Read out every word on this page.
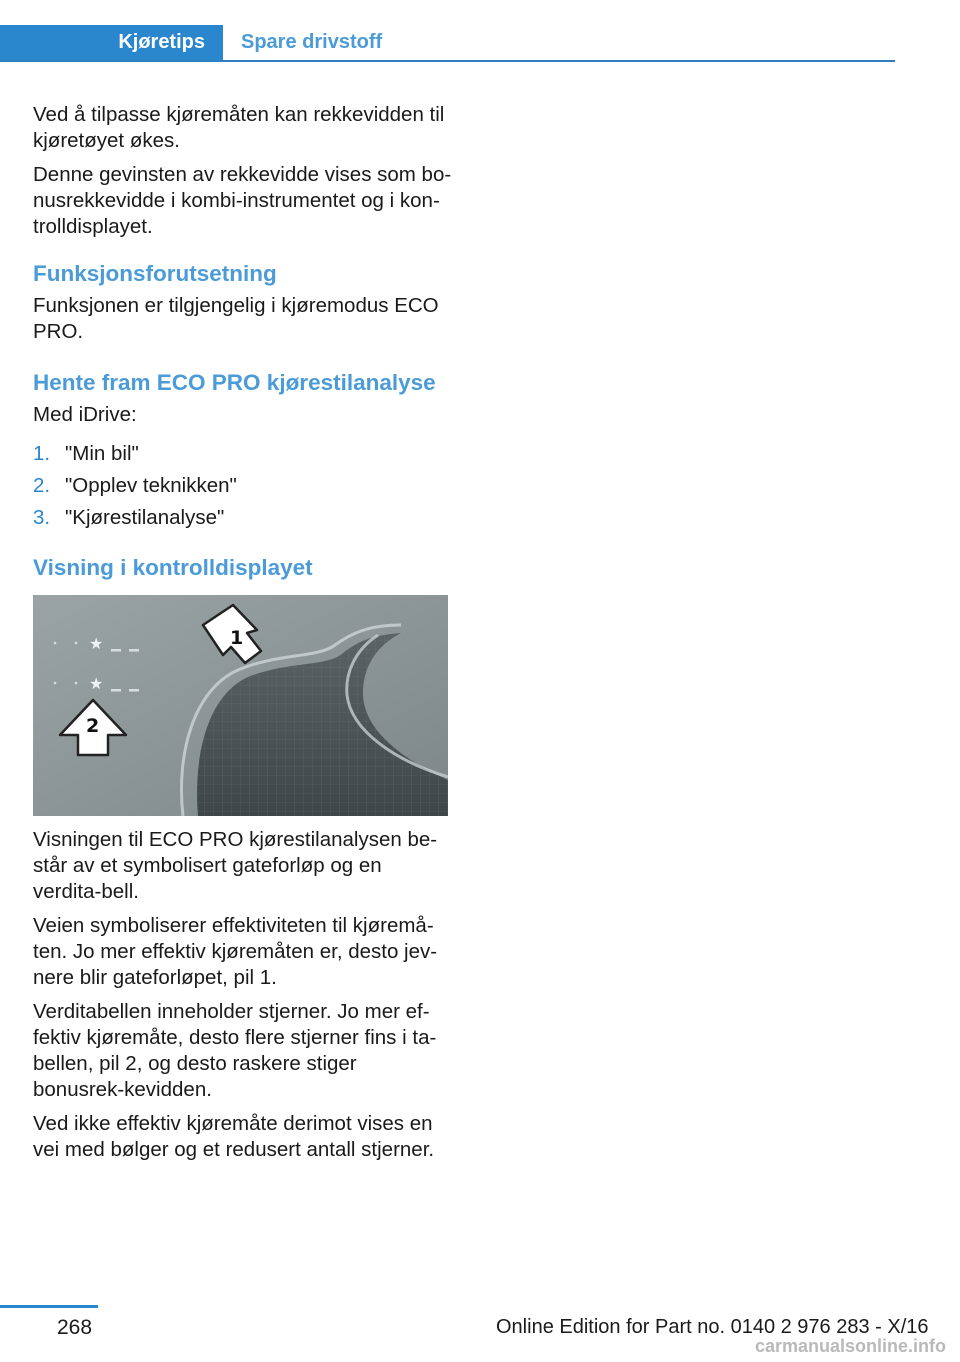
Kjøretips	Spare drivstoff

Ved å tilpasse kjøremåten kan rekkevidden til kjøretøyet økes.

Denne gevinsten av rekkevidde vises som bo-nusrekkevidde i kombi-instrumentet og i kon-trolldisplayet.

Funksjonsforutsetning

Funksjonen er tilgjengelig i kjøremodus ECO PRO.

Hente fram ECO PRO kjørestilanalyse

Med iDrive:

1. "Min bil"
2. "Opplev teknikken"
3. "Kjørestilanalyse"
Visning i kontrolldisplayet

Visningen til ECO PRO kjørestilanalysen be-står av et symbolisert gateforløp og en verdita-bell.

Veien symboliserer effektiviteten til kjøremå-ten. Jo mer effektiv kjøremåten er, desto jev-nere blir gateforløpet, pil 1.

Verditabellen inneholder stjerner. Jo mer ef-fektiv kjøremåte, desto flere stjerner fins i ta-bellen, pil 2, og desto raskere stiger bonusrek-kevidden.

Ved ikke effektiv kjøremåte derimot vises en vei med bølger og et redusert antall stjerner.

★
★
1
2
268	Online Edition for Part no. 0140 2 976 283 - X/16
carmanualsonline.info
